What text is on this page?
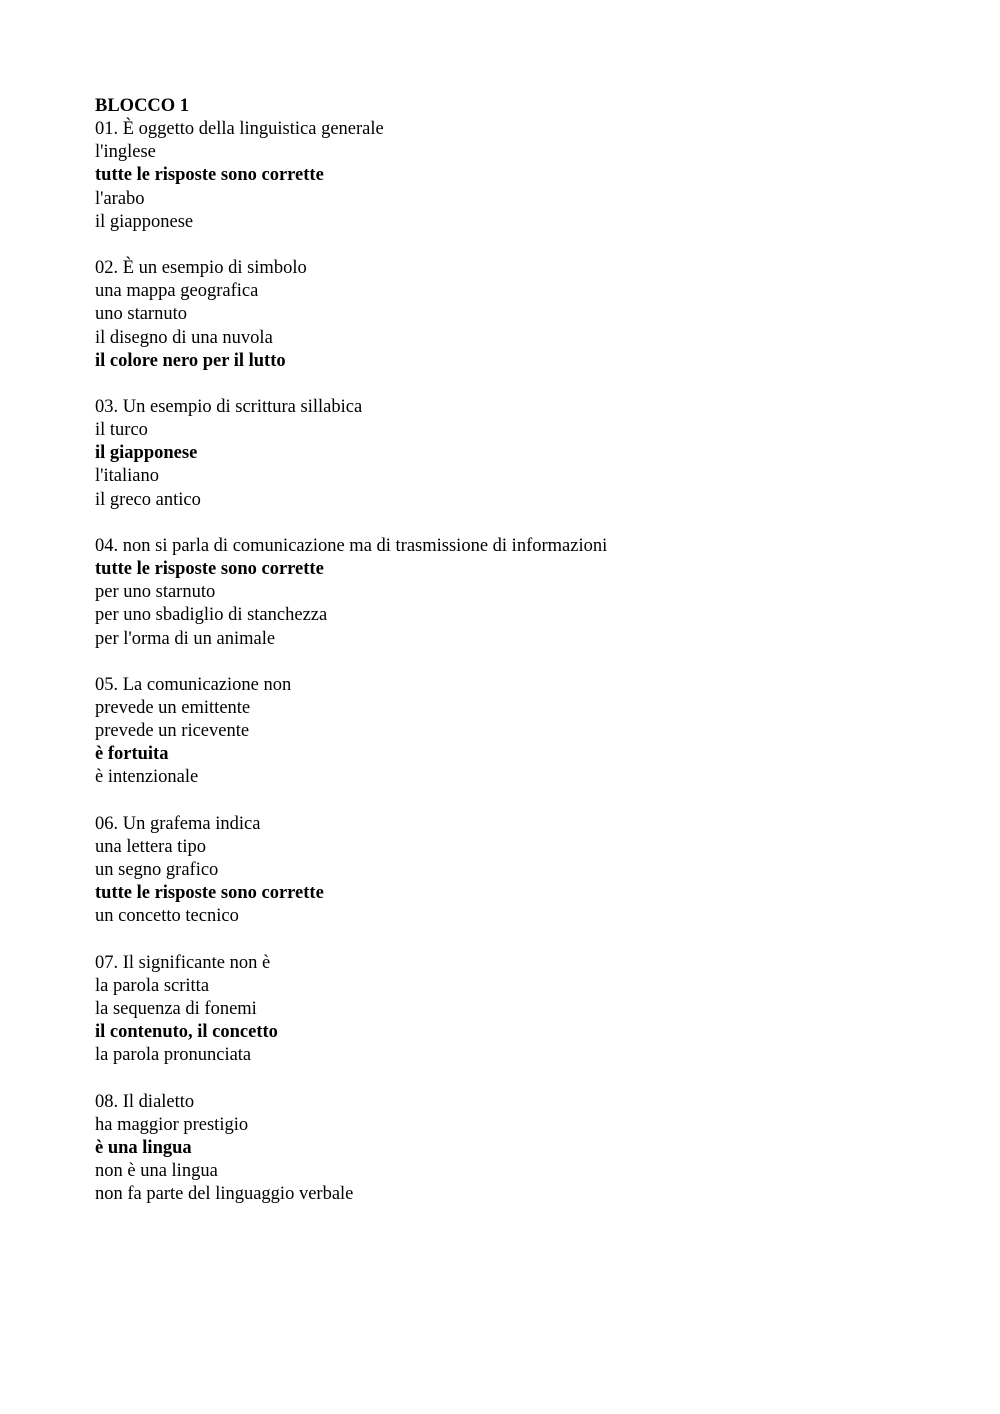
BLOCCO 1
01. È oggetto della linguistica generale
l'inglese
tutte le risposte sono corrette
l'arabo
il giapponese
02. È un esempio di simbolo
una mappa geografica
uno starnuto
il disegno di una nuvola
il colore nero per il lutto
03. Un esempio di scrittura sillabica
il turco
il giapponese
l'italiano
il greco antico
04. non si parla di comunicazione ma di trasmissione di informazioni
tutte le risposte sono corrette
per uno starnuto
per uno sbadiglio di stanchezza
per l'orma di un animale
05. La comunicazione non
prevede un emittente
prevede un ricevente
è fortuita
è intenzionale
06. Un grafema indica
una lettera tipo
un segno grafico
tutte le risposte sono corrette
un concetto tecnico
07. Il significante non è
la parola scritta
la sequenza di fonemi
il contenuto, il concetto
la parola pronunciata
08. Il dialetto
ha maggior prestigio
è una lingua
non è una lingua
non fa parte del linguaggio verbale
